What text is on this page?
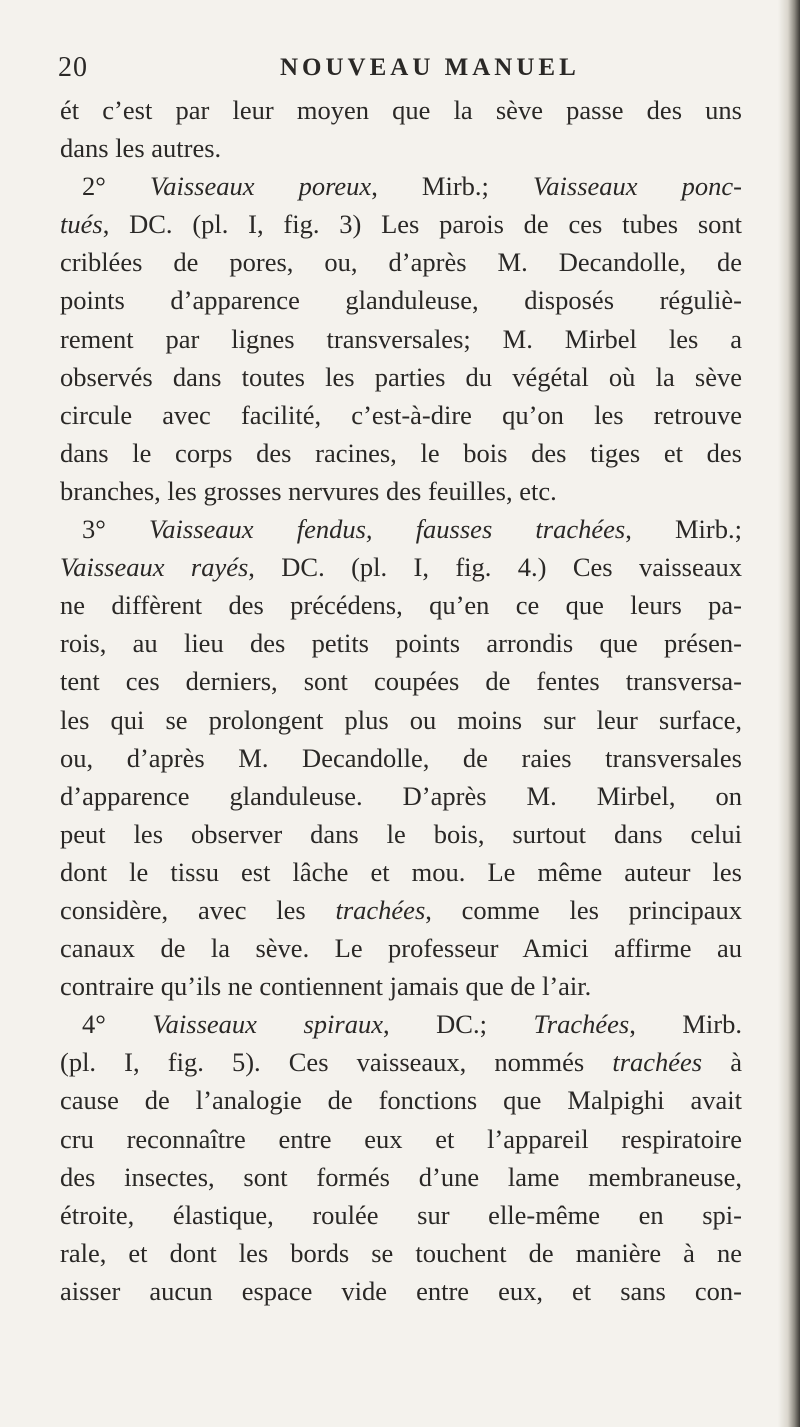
20	NOUVEAU MANUEL
ét c’est par leur moyen que la sève passe des uns
dans les autres.
2° Vaisseaux poreux, Mirb.; Vaisseaux ponc-
tués, DC. (pl. I, fig. 3) Les parois de ces tubes sont
criblées de pores, ou, d’après M. Decandolle, de
points d’apparence glanduleuse, disposés réguliè-
rement par lignes transversales; M. Mirbel les a
observés dans toutes les parties du végétal où la sève
circule avec facilité, c’est-à-dire qu’on les retrouve
dans le corps des racines, le bois des tiges et des
branches, les grosses nervures des feuilles, etc.
3° Vaisseaux fendus, fausses trachées, Mirb.;
Vaisseaux rayés, DC. (pl. I, fig. 4.) Ces vaisseaux
ne diffèrent des précédens, qu’en ce que leurs pa-
rois, au lieu des petits points arrondis que présen-
tent ces derniers, sont coupées de fentes transversa-
les qui se prolongent plus ou moins sur leur surface,
ou, d’après M. Decandolle, de raies transversales
d’apparence glanduleuse. D’après M. Mirbel, on
peut les observer dans le bois, surtout dans celui
dont le tissu est lâche et mou. Le même auteur les
considère, avec les trachées, comme les principaux
canaux de la sève. Le professeur Amici affirme au
contraire qu’ils ne contiennent jamais que de l’air.
4° Vaisseaux spiraux, DC.; Trachées, Mirb.
(pl. I, fig. 5). Ces vaisseaux, nommés trachées à
cause de l’analogie de fonctions que Malpighi avait
cru reconnaître entre eux et l’appareil respiratoire
des insectes, sont formés d’une lame membraneuse,
étroite, élastique, roulée sur elle-même en spi-
rale, et dont les bords se touchent de manière à ne
aisser aucun espace vide entre eux, et sans con-
